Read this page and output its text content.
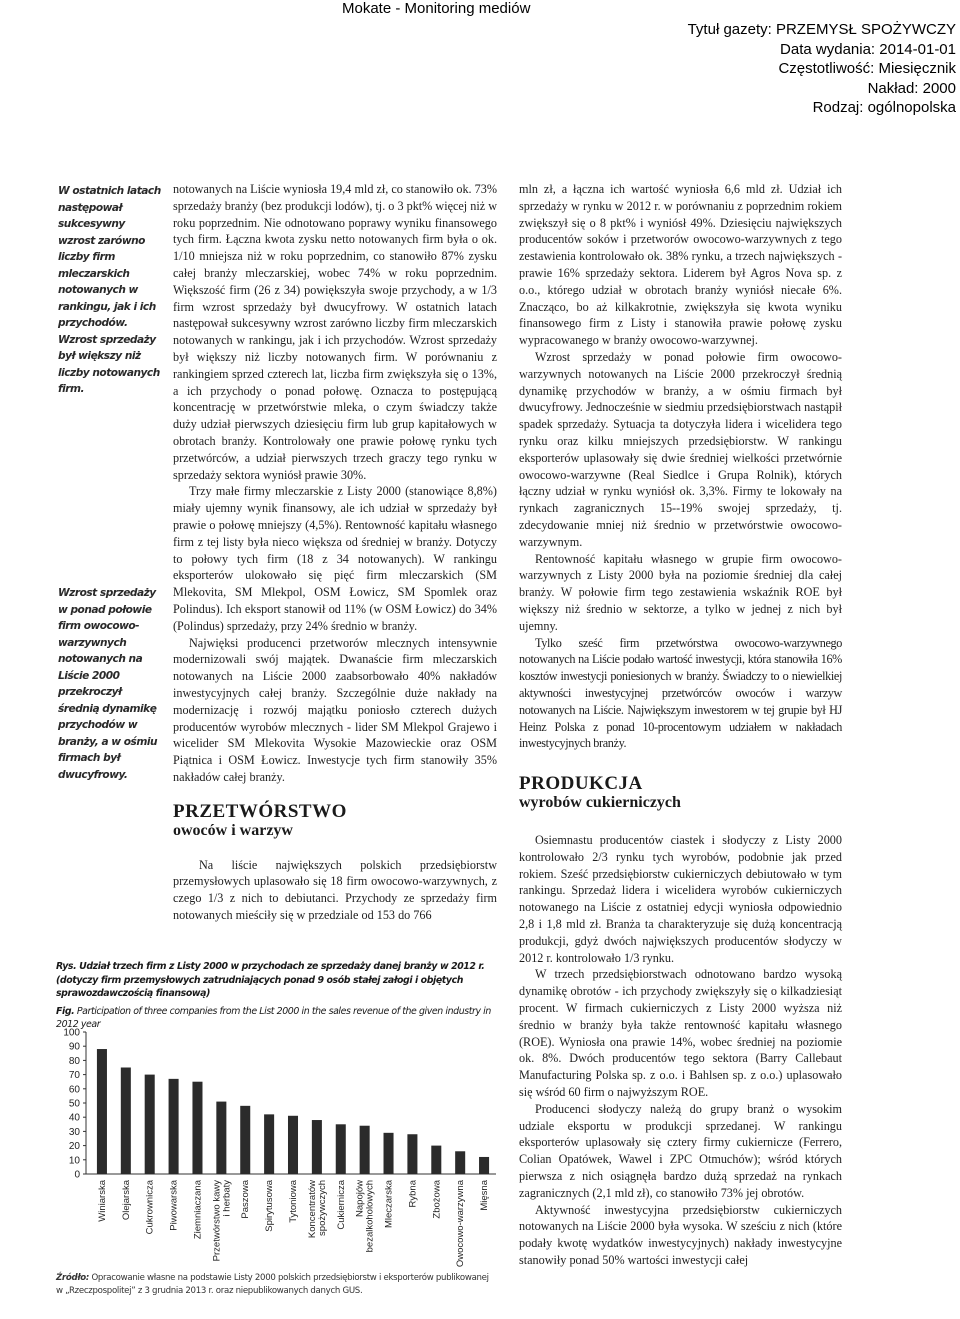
Mokate - Monitoring mediów
Tytuł gazety: PRZEMYSŁ SPOŻYWCZY
Data wydania: 2014-01-01
Częstotliwość: Miesięcznik
Nakład: 2000
Rodzaj: ogólnopolska

W ostatnich latach następował sukcesywny wzrost zarówno liczby firm mleczarskich notowanych w rankingu, jak i ich przychodów. Wzrost sprzedaży był większy niż liczby notowanych firm.

Wzrost sprzedaży w ponad połowie firm owocowo-warzywnych notowanych na Liście 2000 przekroczył średnią dynamikę przychodów w branży, a w ośmiu firmach był dwucyfrowy.

notowanych na Liście wyniosła 19,4 mld zł, co stanowiło ok. 73% sprzedaży branży (bez produkcji lodów), tj. o 3 pkt% więcej niż w roku poprzednim. Nie odnotowano poprawy wyniku finansowego tych firm. Łączna kwota zysku netto notowanych firm była o ok. 1/10 mniejsza niż w roku poprzednim, co stanowiło 87% zysku całej branży mleczarskiej, wobec 74% w roku poprzednim. Większość firm (26 z 34) powiększyła swoje przychody, a w 1/3 firm wzrost sprzedaży był dwucyfrowy. W ostatnich latach następował sukcesywny wzrost zarówno liczby firm mleczarskich notowanych w rankingu, jak i ich przychodów. Wzrost sprzedaży był większy niż liczby notowanych firm. W porównaniu z rankingiem sprzed czterech lat, liczba firm zwiększyła się o 13%, a ich przychody o ponad połowę. Oznacza to postępującą koncentrację w przetwórstwie mleka, o czym świadczy także duży udział pierwszych dziesięciu firm lub grup kapitałowych w obrotach branży. Kontrolowały one prawie połowę rynku tych przetwórców, a udział pierwszych trzech graczy tego rynku w sprzedaży sektora wyniósł prawie 30%.

Trzy małe firmy mleczarskie z Listy 2000 (stanowiące 8,8%) miały ujemny wynik finansowy, ale ich udział w sprzedaży był prawie o połowę mniejszy (4,5%). Rentowność kapitału własnego firm z tej listy była nieco większa od średniej w branży. Dotyczy to połowy tych firm (18 z 34 notowanych). W rankingu eksporterów ulokowało się pięć firm mleczarskich (SM Mlekovita, SM Mlekpol, OSM Łowicz, SM Spomlek oraz Polindus). Ich eksport stanowił od 11% (w OSM Łowicz) do 34% (Polindus) sprzedaży, przy 24% średnio w branży.

Najwięksi producenci przetworów mlecznych intensywnie modernizowali swój majątek. Dwanaście firm mleczarskich notowanych na Liście 2000 zaabsorbowało 40% nakładów inwestycyjnych całej branży. Szczególnie duże nakłady na modernizację i rozwój majątku poniosło czterech dużych producentów wyrobów mlecznych - lider SM Mlekpol Grajewo i wicelider SM Mlekovita Wysokie Mazowieckie oraz OSM Piątnica i OSM Łowicz. Inwestycje tych firm stanowiły 35% nakładów całej branży.

PRZETWÓRSTWO
owoców i warzyw

Na liście największych polskich przedsiębiorstw przemysłowych uplasowało się 18 firm owocowo-warzywnych, z czego 1/3 z nich to debiutanci. Przychody ze sprzedaży firm notowanych mieściły się w przedziale od 153 do 766

mln zł, a łączna ich wartość wyniosła 6,6 mld zł. Udział ich sprzedaży w rynku w 2012 r. w porównaniu z poprzednim rokiem zwiększył się o 8 pkt% i wyniósł 49%. Dziesięciu największych producentów soków i przetworów owocowo-warzywnych z tego zestawienia kontrolowało ok. 38% rynku, a trzech największych - prawie 16% sprzedaży sektora. Liderem był Agros Nova sp. z o.o., którego udział w obrotach branży wyniósł niecałe 6%. Znacząco, bo aż kilkakrotnie, zwiększyła się kwota wyniku finansowego firm z Listy i stanowiła prawie połowę zysku wypracowanego w branży owocowo-warzywnej.

Wzrost sprzedaży w ponad połowie firm owocowo-warzywnych notowanych na Liście 2000 przekroczył średnią dynamikę przychodów w branży, a w ośmiu firmach był dwucyfrowy. Jednocześnie w siedmiu przedsiębiorstwach nastąpił spadek sprzedaży. Sytuacja ta dotyczyła lidera i wicelidera tego rynku oraz kilku mniejszych przedsiębiorstw. W rankingu eksporterów uplasowały się dwie średniej wielkości przetwórnie owocowo-warzywne (Real Siedlce i Grupa Rolnik), których łączny udział w rynku wyniósł ok. 3,3%. Firmy te lokowały na rynkach zagranicznych 15--19% swojej sprzedaży, tj. zdecydowanie mniej niż średnio w przetwórstwie owocowo-warzywnym.

Rentowność kapitału własnego w grupie firm owocowo-warzywnych z Listy 2000 była na poziomie średniej dla całej branży. W połowie firm tego zestawienia wskaźnik ROE był większy niż średnio w sektorze, a tylko w jednej z nich był ujemny.

Tylko sześć firm przetwórstwa owocowo-warzywnego notowanych na Liście podało wartość inwestycji, która stanowiła 16% kosztów inwestycji poniesionych w branży. Świadczy to o niewielkiej aktywności inwestycyjnej przetwórców owoców i warzyw notowanych na Liście. Największym inwestorem w tej grupie był HJ Heinz Polska z ponad 10-procentowym udziałem w nakładach inwestycyjnych branży.

PRODUKCJA
wyrobów cukierniczych

Osiemnastu producentów ciastek i słodyczy z Listy 2000 kontrolowało 2/3 rynku tych wyrobów, podobnie jak przed rokiem. Sześć przedsiębiorstw cukierniczych debiutowało w tym rankingu. Sprzedaż lidera i wicelidera wyrobów cukierniczych notowanego na Liście z ostatniej edycji wyniosła odpowiednio 2,8 i 1,8 mld zł. Branża ta charakteryzuje się dużą koncentracją produkcji, gdyż dwóch największych producentów słodyczy w 2012 r. kontrolowało 1/3 rynku.

W trzech przedsiębiorstwach odnotowano bardzo wysoką dynamikę obrotów - ich przychody zwiększyły się o kilkadziesiąt procent. W firmach cukierniczych z Listy 2000 wyższa niż średnio w branży była także rentowność kapitału własnego (ROE). Wyniosła ona prawie 14%, wobec średniej na poziomie ok. 8%. Dwóch producentów tego sektora (Barry Callebaut Manufacturing Polska sp. z o.o. i Bahlsen sp. z o.o.) uplasowało się wśród 60 firm o najwyższym ROE.

Producenci słodyczy należą do grupy branż o wysokim udziale eksportu w produkcji sprzedanej. W rankingu eksporterów uplasowały się cztery firmy cukiernicze (Ferrero, Colian Opatówek, Wawel i ZPC Otmuchów); wśród których pierwsza z nich osiągnęła bardzo dużą sprzedaż na rynkach zagranicznych (2,1 mld zł), co stanowiło 73% jej obrotów.

Aktywność inwestycyjna przedsiębiorstw cukierniczych notowanych na Liście 2000 była wysoka. W sześciu z nich (które podały kwotę wydatków inwestycyjnych) nakłady inwestycyjne stanowiły ponad 50% wartości inwestycji całej

Rys. Udział trzech firm z Listy 2000 w przychodach ze sprzedaży danej branży w 2012 r. (dotyczy firm przemysłowych zatrudniających ponad 9 osób stałej załogi i objętych sprawozdawczością finansową)
Fig. Participation of three companies from the List 2000 in the sales revenue of the given industry in 2012 year
0
10
20
30
40
50
60
70
80
90
100
Winiarska Olejarska Cukrownicza Piwowarska Ziemniaczana Przetwórstwo kawy i herbaty Paszowa Spirytusowa Tytoniowa Koncentratów spożywczych Cukiernicza Napojów bezalkoholowych Mleczarska Rybna Zbożowa Owocowo-warzywna Mięsna
Źródło: Opracowanie własne na podstawie Listy 2000 polskich przedsiębiorstw i eksporterów publikowanej w „Rzeczpospolitej” z 3 grudnia 2013 r. oraz niepublikowanych danych GUS.
